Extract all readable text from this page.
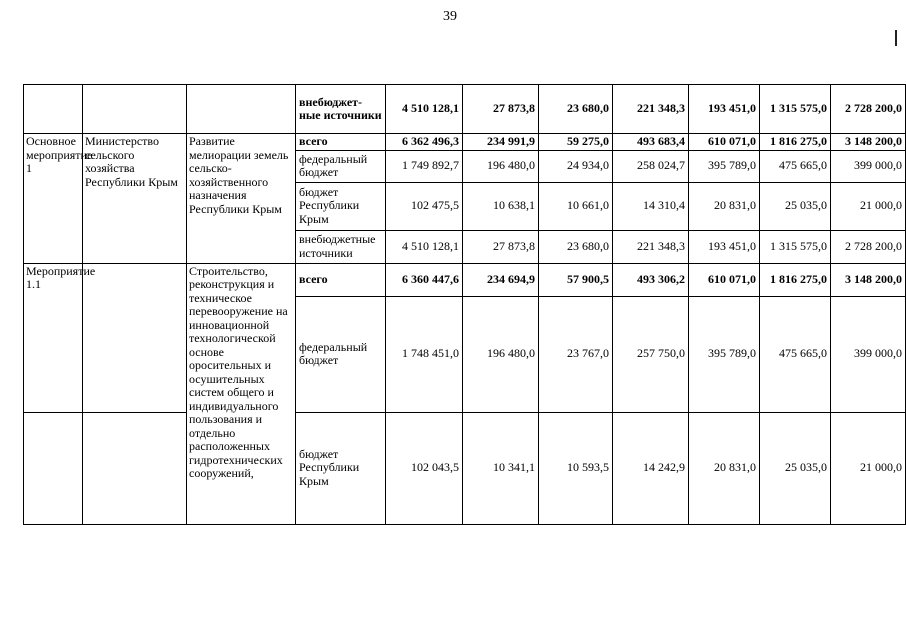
39
			внебюджет-ные источники	4 510 128,1	27 873,8	23 680,0	221 348,3	193 451,0	1 315 575,0	2 728 200,0
Основное мероприятие 1	Министерство сельского хозяйства Республики Крым	Развитие мелиорации земель сельско-хозяйственного назначения Республики Крым	всего	6 362 496,3	234 991,9	59 275,0	493 683,4	610 071,0	1 816 275,0	3 148 200,0
			федеральный бюджет	1 749 892,7	196 480,0	24 934,0	258 024,7	395 789,0	475 665,0	399 000,0
			бюджет Республики Крым	102 475,5	10 638,1	10 661,0	14 310,4	20 831,0	25 035,0	21 000,0
			внебюджетные источники	4 510 128,1	27 873,8	23 680,0	221 348,3	193 451,0	1 315 575,0	2 728 200,0
Мероприятие 1.1		Строительство, реконструкция и техническое перевооружение на инновационной технологической основе оросительных и осушительных систем общего и индивидуального пользования и отдельно расположенных гидротехнических сооружений,	всего	6 360 447,6	234 694,9	57 900,5	493 306,2	610 071,0	1 816 275,0	3 148 200,0
			федеральный бюджет	1 748 451,0	196 480,0	23 767,0	257 750,0	395 789,0	475 665,0	399 000,0
			бюджет Республики Крым	102 043,5	10 341,1	10 593,5	14 242,9	20 831,0	25 035,0	21 000,0
